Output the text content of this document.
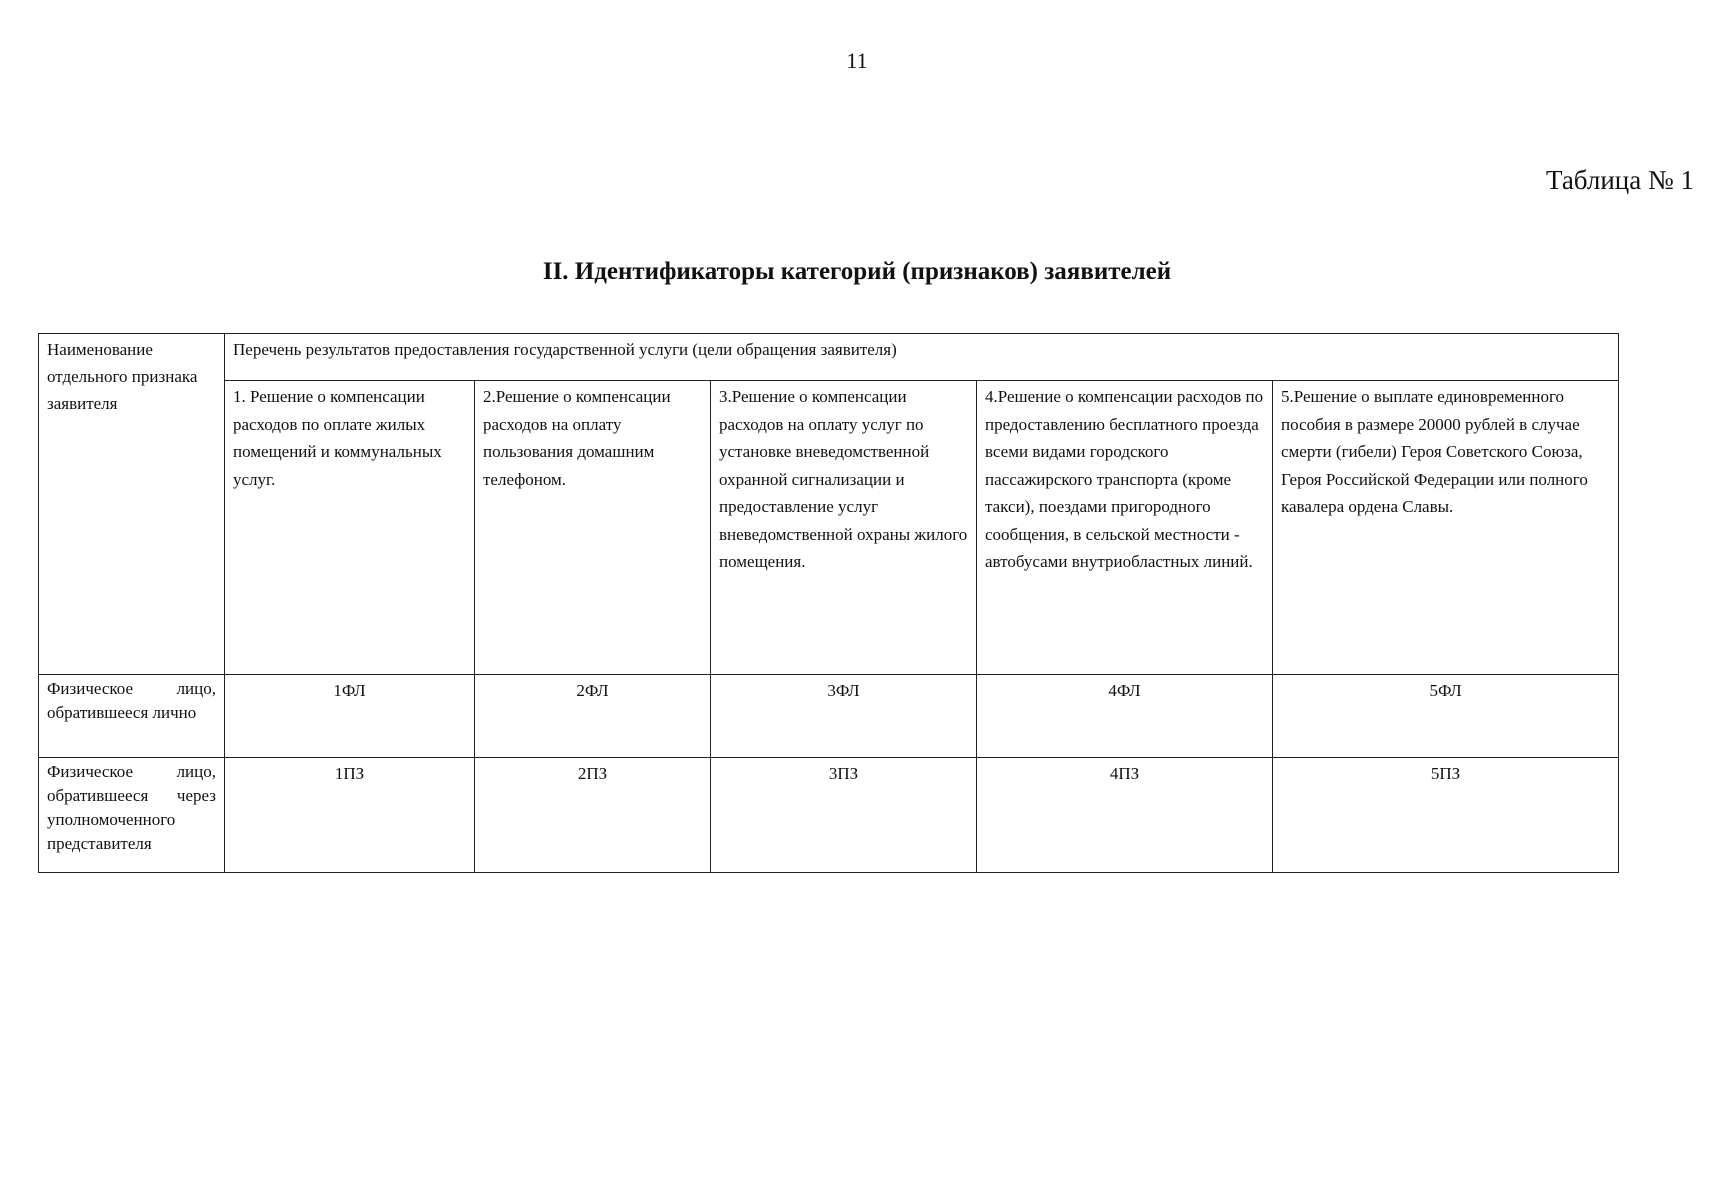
11
Таблица № 1
II. Идентификаторы категорий (признаков) заявителей
Наименование отдельного признака заявителя	Перечень результатов предоставления государственной услуги (цели обращения заявителя)				
	1. Решение о компенсации расходов по оплате жилых помещений и коммунальных услуг.	2.Решение о компенсации расходов на оплату пользования домашним телефоном.	3.Решение о компенсации расходов на оплату услуг по установке вневедомственной охранной сигнализации и предоставление услуг вневедомственной охраны жилого помещения.	4.Решение о компенсации расходов по предоставлению бесплатного проезда всеми видами городского пассажирского транспорта (кроме такси), поездами пригородного сообщения, в сельской местности - автобусами внутриобластных линий.	5.Решение о выплате единовременного пособия в размере 20000 рублей в случае смерти (гибели) Героя Советского Союза, Героя Российской Федерации или полного кавалера ордена Славы.
Физическое лицо, обратившееся лично	1ФЛ	2ФЛ	3ФЛ	4ФЛ	5ФЛ
Физическое лицо, обратившееся через уполномоченного представителя	1ПЗ	2ПЗ	3ПЗ	4ПЗ	5ПЗ
